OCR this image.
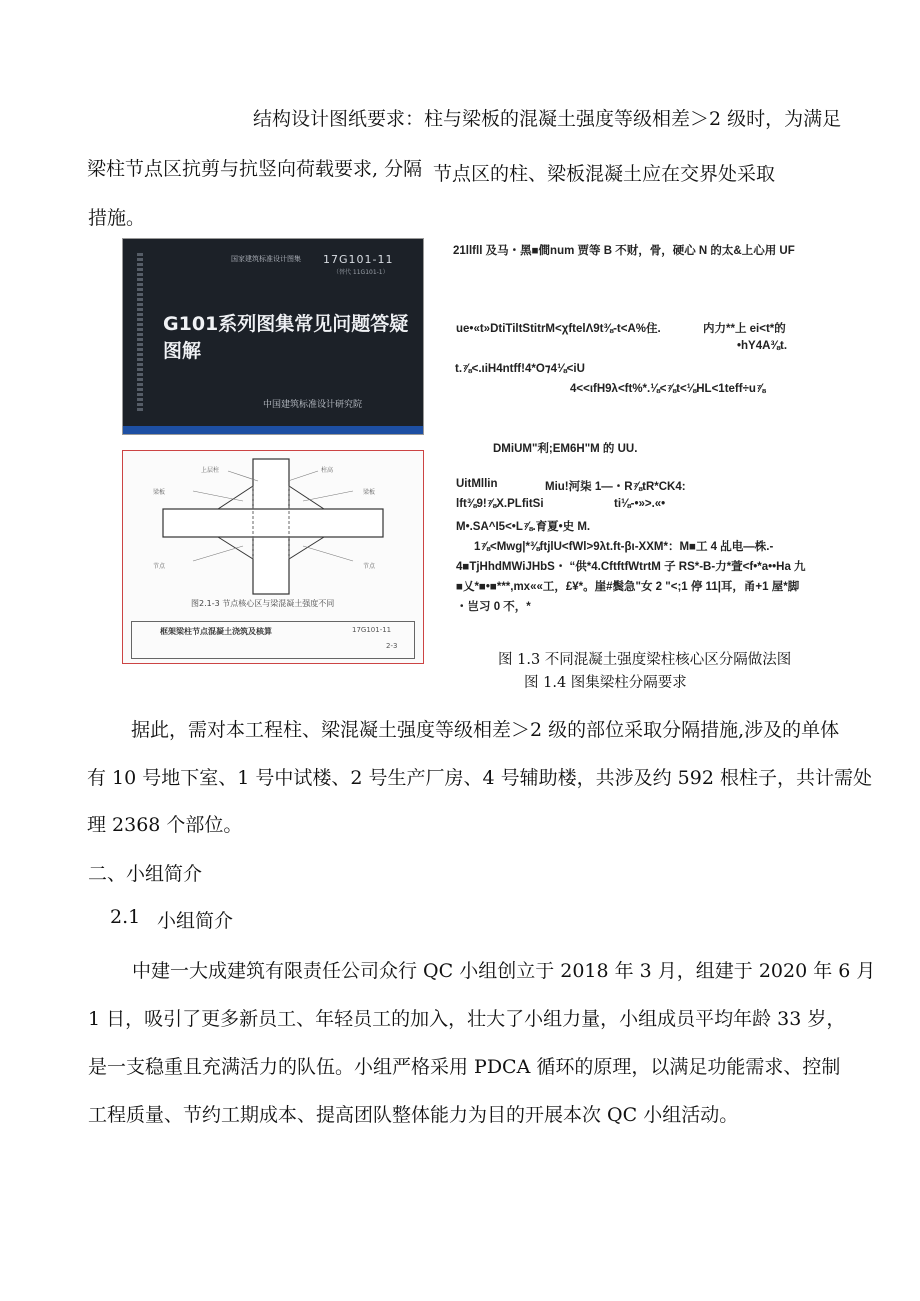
结构设计图纸要求：柱与梁板的混凝土强度等级相差＞2 级时，为满足
梁柱节点区抗剪与抗竖向荷载要求, 分隔 节点区的柱、梁板混凝土应在交界处采取
措施。
国家建筑标准设计图集 17G101-11
（替代 11G101-1）
G101系列图集常见问题答疑图解
中国建筑标准设计研究院
上层柱	柱高
梁板	梁板
节点	节点
图2.1-3 节点核心区与梁混凝土强度不同
框架梁柱节点混凝土浇筑及核算	17G101-11
2-3
21llfll 及马・黑■僴num 贾等 B 不财，骨，硬心 N 的太&上心用 UF
ue•«t»DtiTiltStitrM<χftelΛ9t⅜-t<A%住.	内力**上 ei<t*的
•hY4A⅜t.
t.⅞<.ιiH4ntff!4*O⁊4⅛<iU
4<<ιfH9λ<ft%*.⅛<⅞t<⅛HL<1teff÷u⅞
DMiUM"利;EM6H"M 的 UU.
UitMllin	Miu!河柒 1—・R⅞tR*CK4:
lft⅜9!⅞X.PLfitSi	ti⅛-•»>.«•
M•.SA^I5<•L⅞.育夏•史 M.
1⅞<Mwg|*⅜ftjlU<fWl>9λt.ft-βι-XXM*：M■工 4 乩电—株.-
4■TjHhdMWiJHbS・ “供*4.CftftfWtrtM 子 RS*-B-力*萱<f•*a••Ha 九
■乂*■•■***,mx««工，£¥*。崖#鬓急"女 2 "<;1 停 11|耳，甬+1 屋*脚
・岂习 0 不，*
图 1.3 不同混凝土强度梁柱核心区分隔做法图
图 1.4 图集梁柱分隔要求
据此，需对本工程柱、梁混凝土强度等级相差＞2 级的部位采取分隔措施,涉及的单体
有 10 号地下室、1 号中试楼、2 号生产厂房、4 号辅助楼，共涉及约 592 根柱子，共计需处
理 2368 个部位。
二、小组简介
2.1 小组简介
中建一大成建筑有限责任公司众行 QC 小组创立于 2018 年 3 月，组建于 2020 年 6 月
1 日，吸引了更多新员工、年轻员工的加入，壮大了小组力量，小组成员平均年龄 33 岁，
是一支稳重且充满活力的队伍。小组严格采用 PDCA 循环的原理，以满足功能需求、控制
工程质量、节约工期成本、提高团队整体能力为目的开展本次 QC 小组活动。
